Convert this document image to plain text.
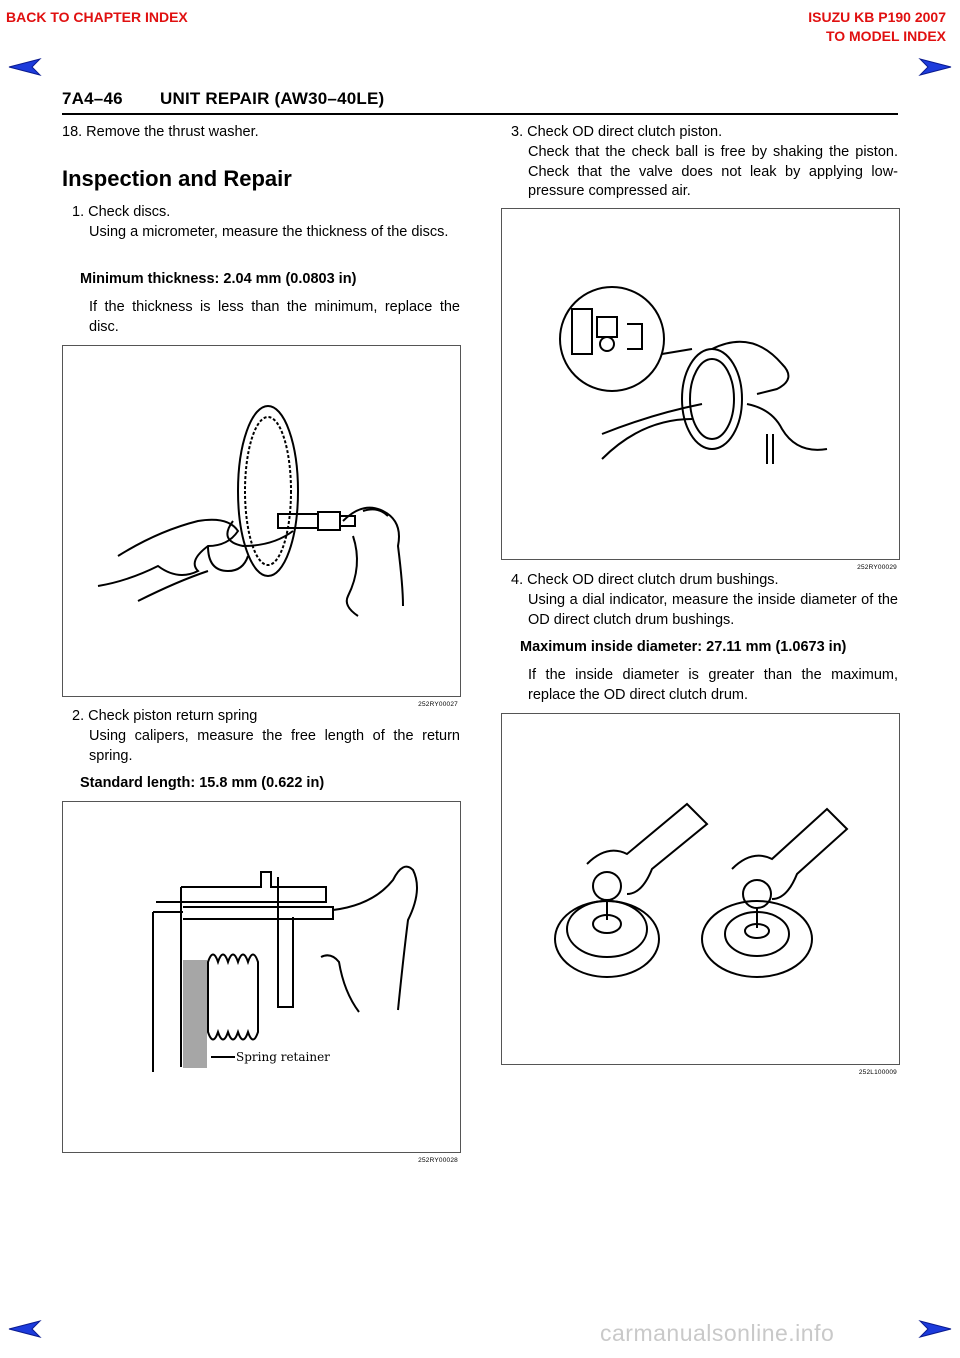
BACK TO CHAPTER INDEX	ISUZU KB P190 2007
TO MODEL INDEX
7A4–46 UNIT REPAIR (AW30–40LE)
18. Remove the thrust washer.
Inspection and Repair
1. Check discs.
Using a micrometer, measure the thickness of the discs.
Minimum thickness: 2.04 mm (0.0803 in)
If the thickness is less than the minimum, replace the disc.
252RY00027
2. Check piston return spring
Using calipers, measure the free length of the return spring.
Standard length: 15.8 mm (0.622 in)
Spring retainer
252RY00028
3. Check OD direct clutch piston.
Check that the check ball is free by shaking the piston. Check that the valve does not leak by applying low-pressure compressed air.
252RY00029
4. Check OD direct clutch drum bushings.
Using a dial indicator, measure the inside diameter of the OD direct clutch drum bushings.
Maximum inside diameter: 27.11 mm (1.0673 in)
If the inside diameter is greater than the maximum, replace the OD direct clutch drum.
252L100009
carmanualsonline.info
